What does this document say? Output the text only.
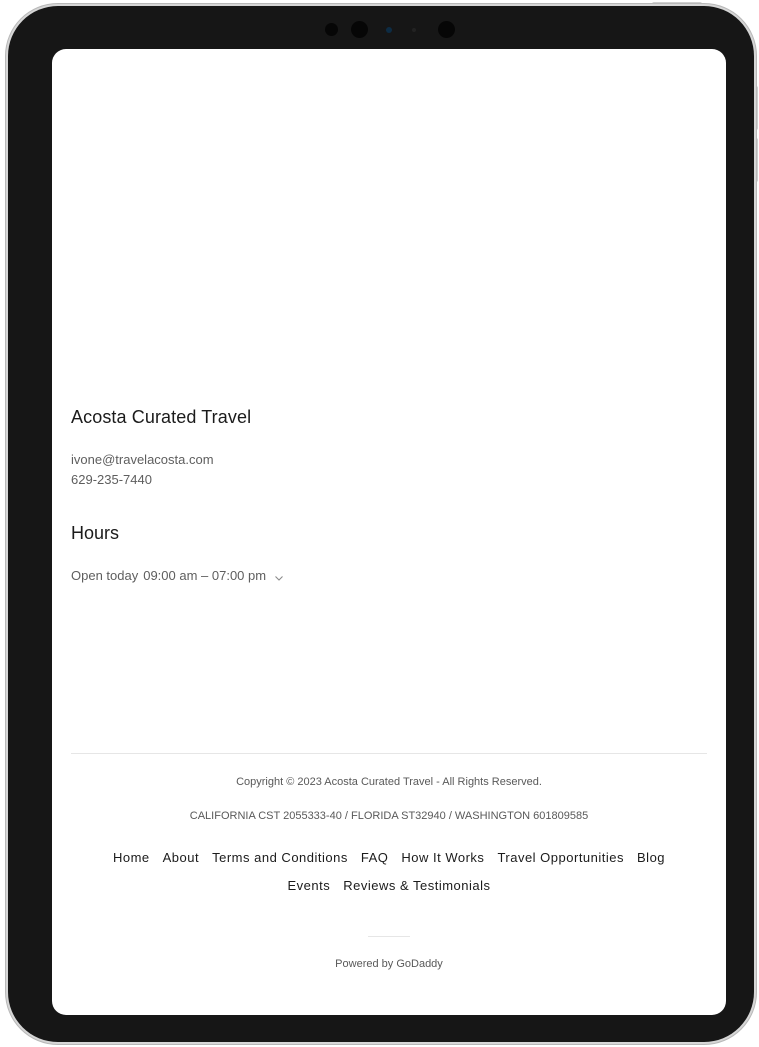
Acosta Curated Travel
ivone@travelacosta.com
629-235-7440
Hours
Open today 09:00 am – 07:00 pm
Copyright © 2023 Acosta Curated Travel - All Rights Reserved.
CALIFORNIA CST 2055333-40 / FLORIDA ST32940 / WASHINGTON 601809585
Home	About	Terms and Conditions	FAQ	How It Works	Travel Opportunities	Blog
Events	Reviews & Testimonials
Powered by GoDaddy
